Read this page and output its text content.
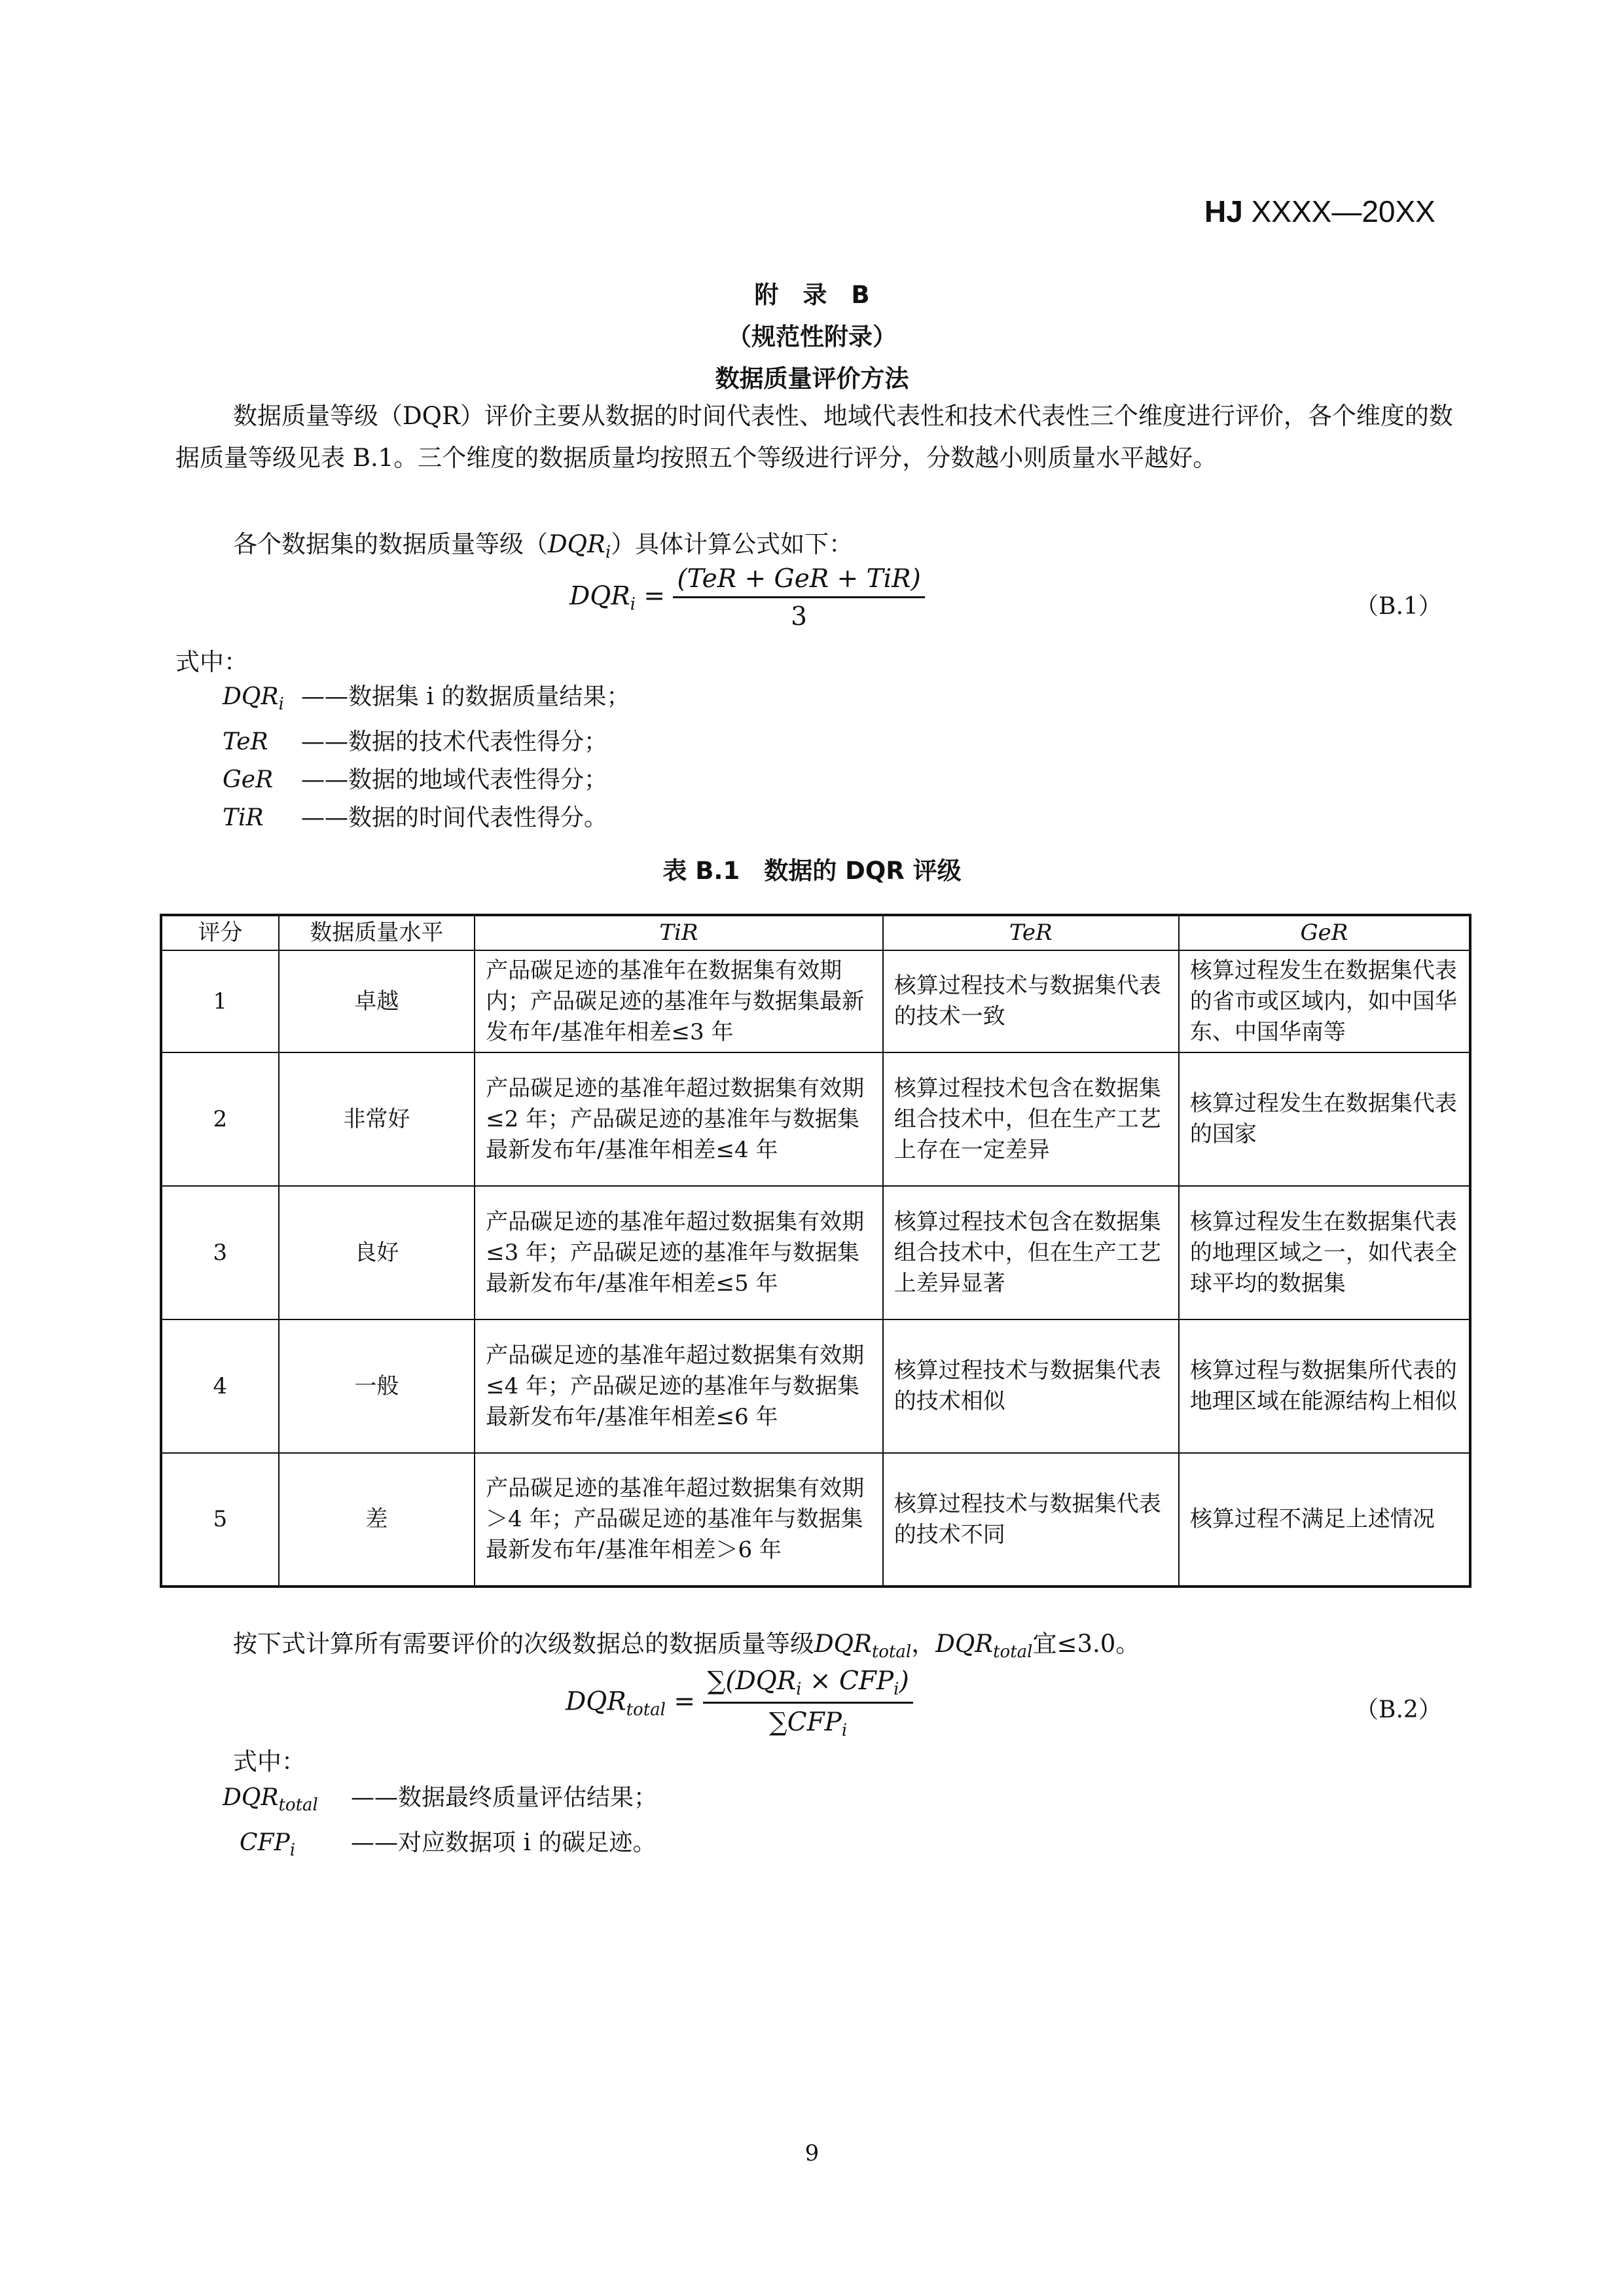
HJ XXXX—20XX
附　录　B
（规范性附录）
数据质量评价方法
数据质量等级（DQR）评价主要从数据的时间代表性、地域代表性和技术代表性三个维度进行评价，各个维度的数据质量等级见表 B.1。三个维度的数据质量均按照五个等级进行评分，分数越小则质量水平越好。
各个数据集的数据质量等级$(DQR_i)$具体计算公式如下：
$DQR_i = \frac{\text{(TeR + GeR + TiR)}}{3}$	（B.1）
式中：
$DQR_i$ ——数据集 i 的数据质量结果；
TeR ——数据的技术代表性得分；
GeR ——数据的地域代表性得分；
TiR ——数据的时间代表性得分。
表 B.1　数据的 DQR 评级
评分	数据质量水平	TiR	TeR	GeR
1	卓越	产品碳足迹的基准年在数据集有效期内；产品碳足迹的基准年与数据集最新发布年/基准年相差≤3 年	核算过程技术与数据集代表的技术一致	核算过程发生在数据集代表的省市或区域内，如中国华东、中国华南等
2	非常好	产品碳足迹的基准年超过数据集有效期≤2 年；产品碳足迹的基准年与数据集最新发布年/基准年相差≤4 年	核算过程技术包含在数据集组合技术中，但在生产工艺上存在一定差异	核算过程发生在数据集代表的国家
3	良好	产品碳足迹的基准年超过数据集有效期≤3 年；产品碳足迹的基准年与数据集最新发布年/基准年相差≤5 年	核算过程技术包含在数据集组合技术中，但在生产工艺上差异显著	核算过程发生在数据集代表的地理区域之一，如代表全球平均的数据集
4	一般	产品碳足迹的基准年超过数据集有效期≤4 年；产品碳足迹的基准年与数据集最新发布年/基准年相差≤6 年	核算过程技术与数据集代表的技术相似	核算过程与数据集所代表的地理区域在能源结构上相似
5	差	产品碳足迹的基准年超过数据集有效期＞4 年；产品碳足迹的基准年与数据集最新发布年/基准年相差＞6 年	核算过程技术与数据集代表的技术不同	核算过程不满足上述情况
按下式计算所有需要评价的次级数据总的数据质量等级$DQR_{total}$，$DQR_{total}$宜≤3.0。
$DQR_{total} = \frac{\sum(DQR_i \times CFP_i)}{\sum CFP_i}$	（B.2）
式中：
$DQR_{total}$ ——数据最终质量评估结果；
$CFP_i$ ——对应数据项 i 的碳足迹。
9
